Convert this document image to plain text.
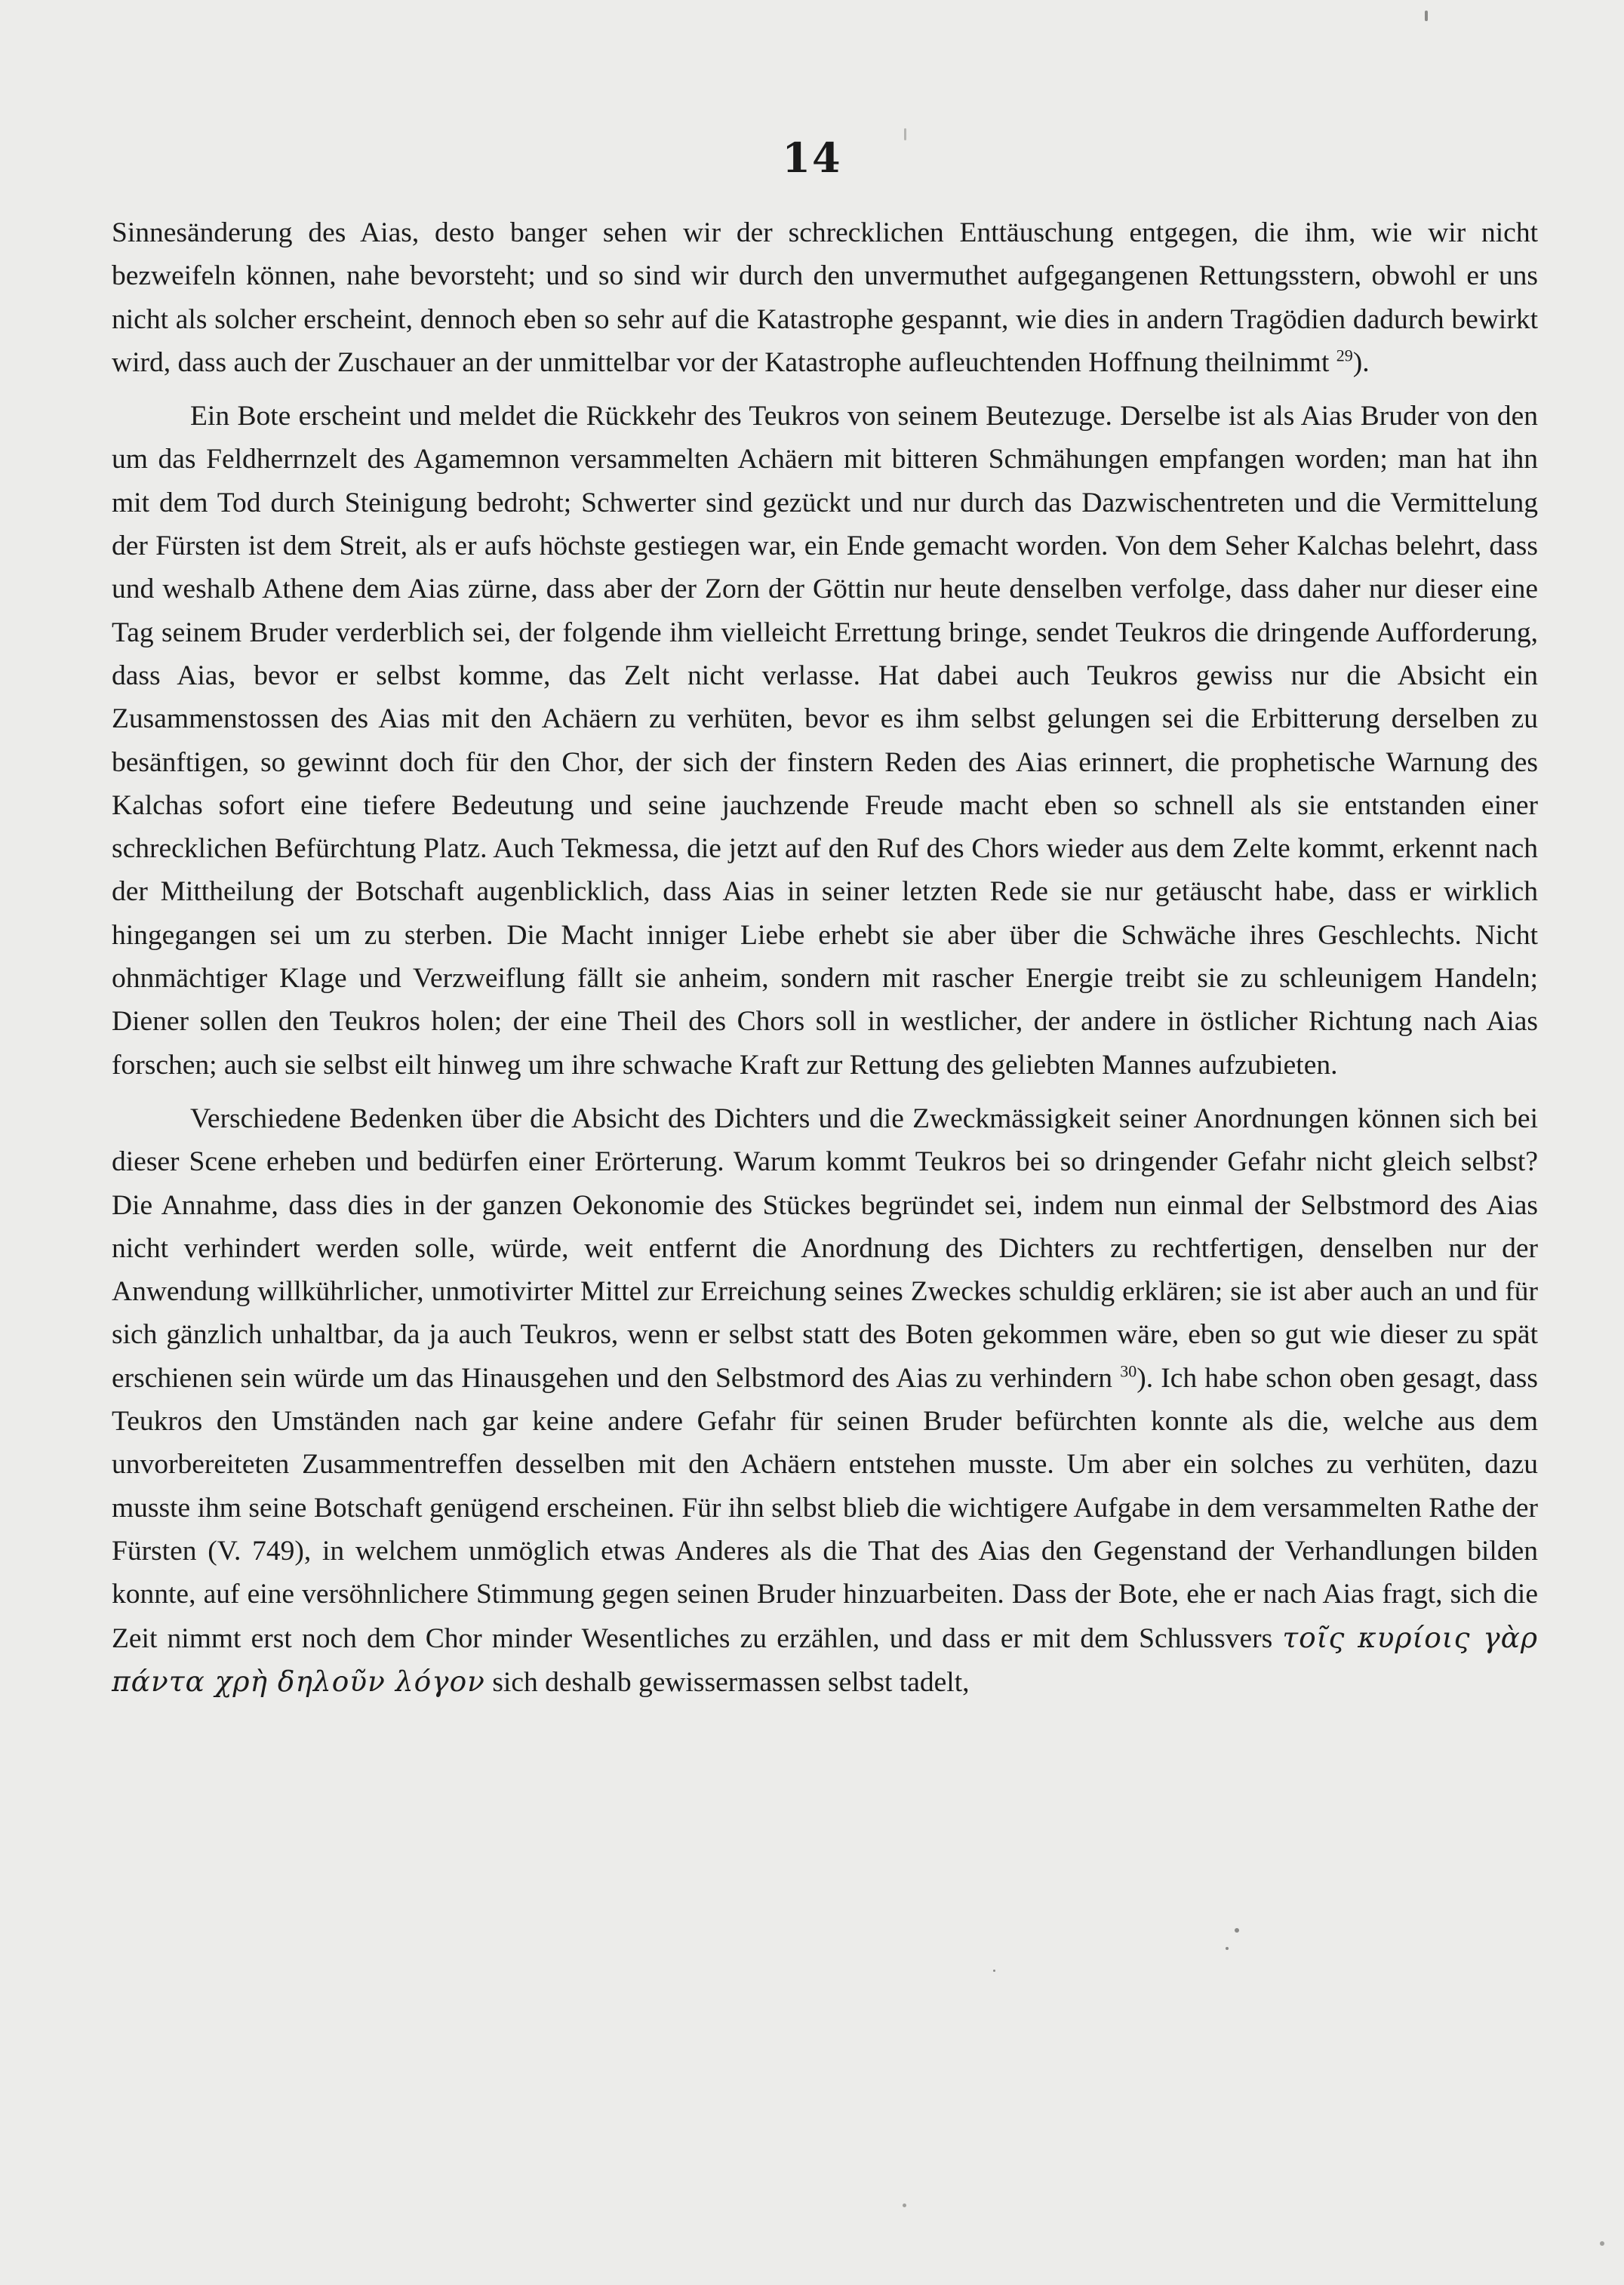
14

Sinnesänderung des Aias, desto banger sehen wir der schrecklichen Enttäuschung entgegen, die ihm, wie wir nicht bezweifeln können, nahe bevorsteht; und so sind wir durch den unvermuthet aufgegangenen Rettungsstern, obwohl er uns nicht als solcher erscheint, dennoch eben so sehr auf die Katastrophe gespannt, wie dies in andern Tragödien dadurch bewirkt wird, dass auch der Zuschauer an der unmittelbar vor der Katastrophe aufleuchtenden Hoffnung theilnimmt $^{29}$).

Ein Bote erscheint und meldet die Rückkehr des Teukros von seinem Beutezuge. Derselbe ist als Aias Bruder von den um das Feldherrnzelt des Agamemnon versammelten Achäern mit bitteren Schmähungen empfangen worden; man hat ihn mit dem Tod durch Steinigung bedroht; Schwerter sind gezückt und nur durch das Dazwischentreten und die Vermittelung der Fürsten ist dem Streit, als er aufs höchste gestiegen war, ein Ende gemacht worden. Von dem Seher Kalchas belehrt, dass und weshalb Athene dem Aias zürne, dass aber der Zorn der Göttin nur heute denselben verfolge, dass daher nur dieser eine Tag seinem Bruder verderblich sei, der folgende ihm vielleicht Errettung bringe, sendet Teukros die dringende Aufforderung, dass Aias, bevor er selbst komme, das Zelt nicht verlasse. Hat dabei auch Teukros gewiss nur die Absicht ein Zusammenstossen des Aias mit den Achäern zu verhüten, bevor es ihm selbst gelungen sei die Erbitterung derselben zu besänftigen, so gewinnt doch für den Chor, der sich der finstern Reden des Aias erinnert, die prophetische Warnung des Kalchas sofort eine tiefere Bedeutung und seine jauchzende Freude macht eben so schnell als sie entstanden einer schrecklichen Befürchtung Platz. Auch Tekmessa, die jetzt auf den Ruf des Chors wieder aus dem Zelte kommt, erkennt nach der Mittheilung der Botschaft augenblicklich, dass Aias in seiner letzten Rede sie nur getäuscht habe, dass er wirklich hingegangen sei um zu sterben. Die Macht inniger Liebe erhebt sie aber über die Schwäche ihres Geschlechts. Nicht ohnmächtiger Klage und Verzweiflung fällt sie anheim, sondern mit rascher Energie treibt sie zu schleunigem Handeln; Diener sollen den Teukros holen; der eine Theil des Chors soll in westlicher, der andere in östlicher Richtung nach Aias forschen; auch sie selbst eilt hinweg um ihre schwache Kraft zur Rettung des geliebten Mannes aufzubieten.

Verschiedene Bedenken über die Absicht des Dichters und die Zweckmässigkeit seiner Anordnungen können sich bei dieser Scene erheben und bedürfen einer Erörterung. Warum kommt Teukros bei so dringender Gefahr nicht gleich selbst? Die Annahme, dass dies in der ganzen Oekonomie des Stückes begründet sei, indem nun einmal der Selbstmord des Aias nicht verhindert werden solle, würde, weit entfernt die Anordnung des Dichters zu rechtfertigen, denselben nur der Anwendung willkührlicher, unmotivirter Mittel zur Erreichung seines Zweckes schuldig erklären; sie ist aber auch an und für sich gänzlich unhaltbar, da ja auch Teukros, wenn er selbst statt des Boten gekommen wäre, eben so gut wie dieser zu spät erschienen sein würde um das Hinausgehen und den Selbstmord des Aias zu verhindern $^{30}$). Ich habe schon oben gesagt, dass Teukros den Umständen nach gar keine andere Gefahr für seinen Bruder befürchten konnte als die, welche aus dem unvorbereiteten Zusammentreffen desselben mit den Achäern entstehen musste. Um aber ein solches zu verhüten, dazu musste ihm seine Botschaft genügend erscheinen. Für ihn selbst blieb die wichtigere Aufgabe in dem versammelten Rathe der Fürsten (V. 749), in welchem unmöglich etwas Anderes als die That des Aias den Gegenstand der Verhandlungen bilden konnte, auf eine versöhnlichere Stimmung gegen seinen Bruder hinzuarbeiten. Dass der Bote, ehe er nach Aias fragt, sich die Zeit nimmt erst noch dem Chor minder Wesentliches zu erzählen, und dass er mit dem Schlussvers τοῖς κυρίοις γὰρ πάντα χρὴ δηλοῦν λόγον sich deshalb gewissermassen selbst tadelt,
